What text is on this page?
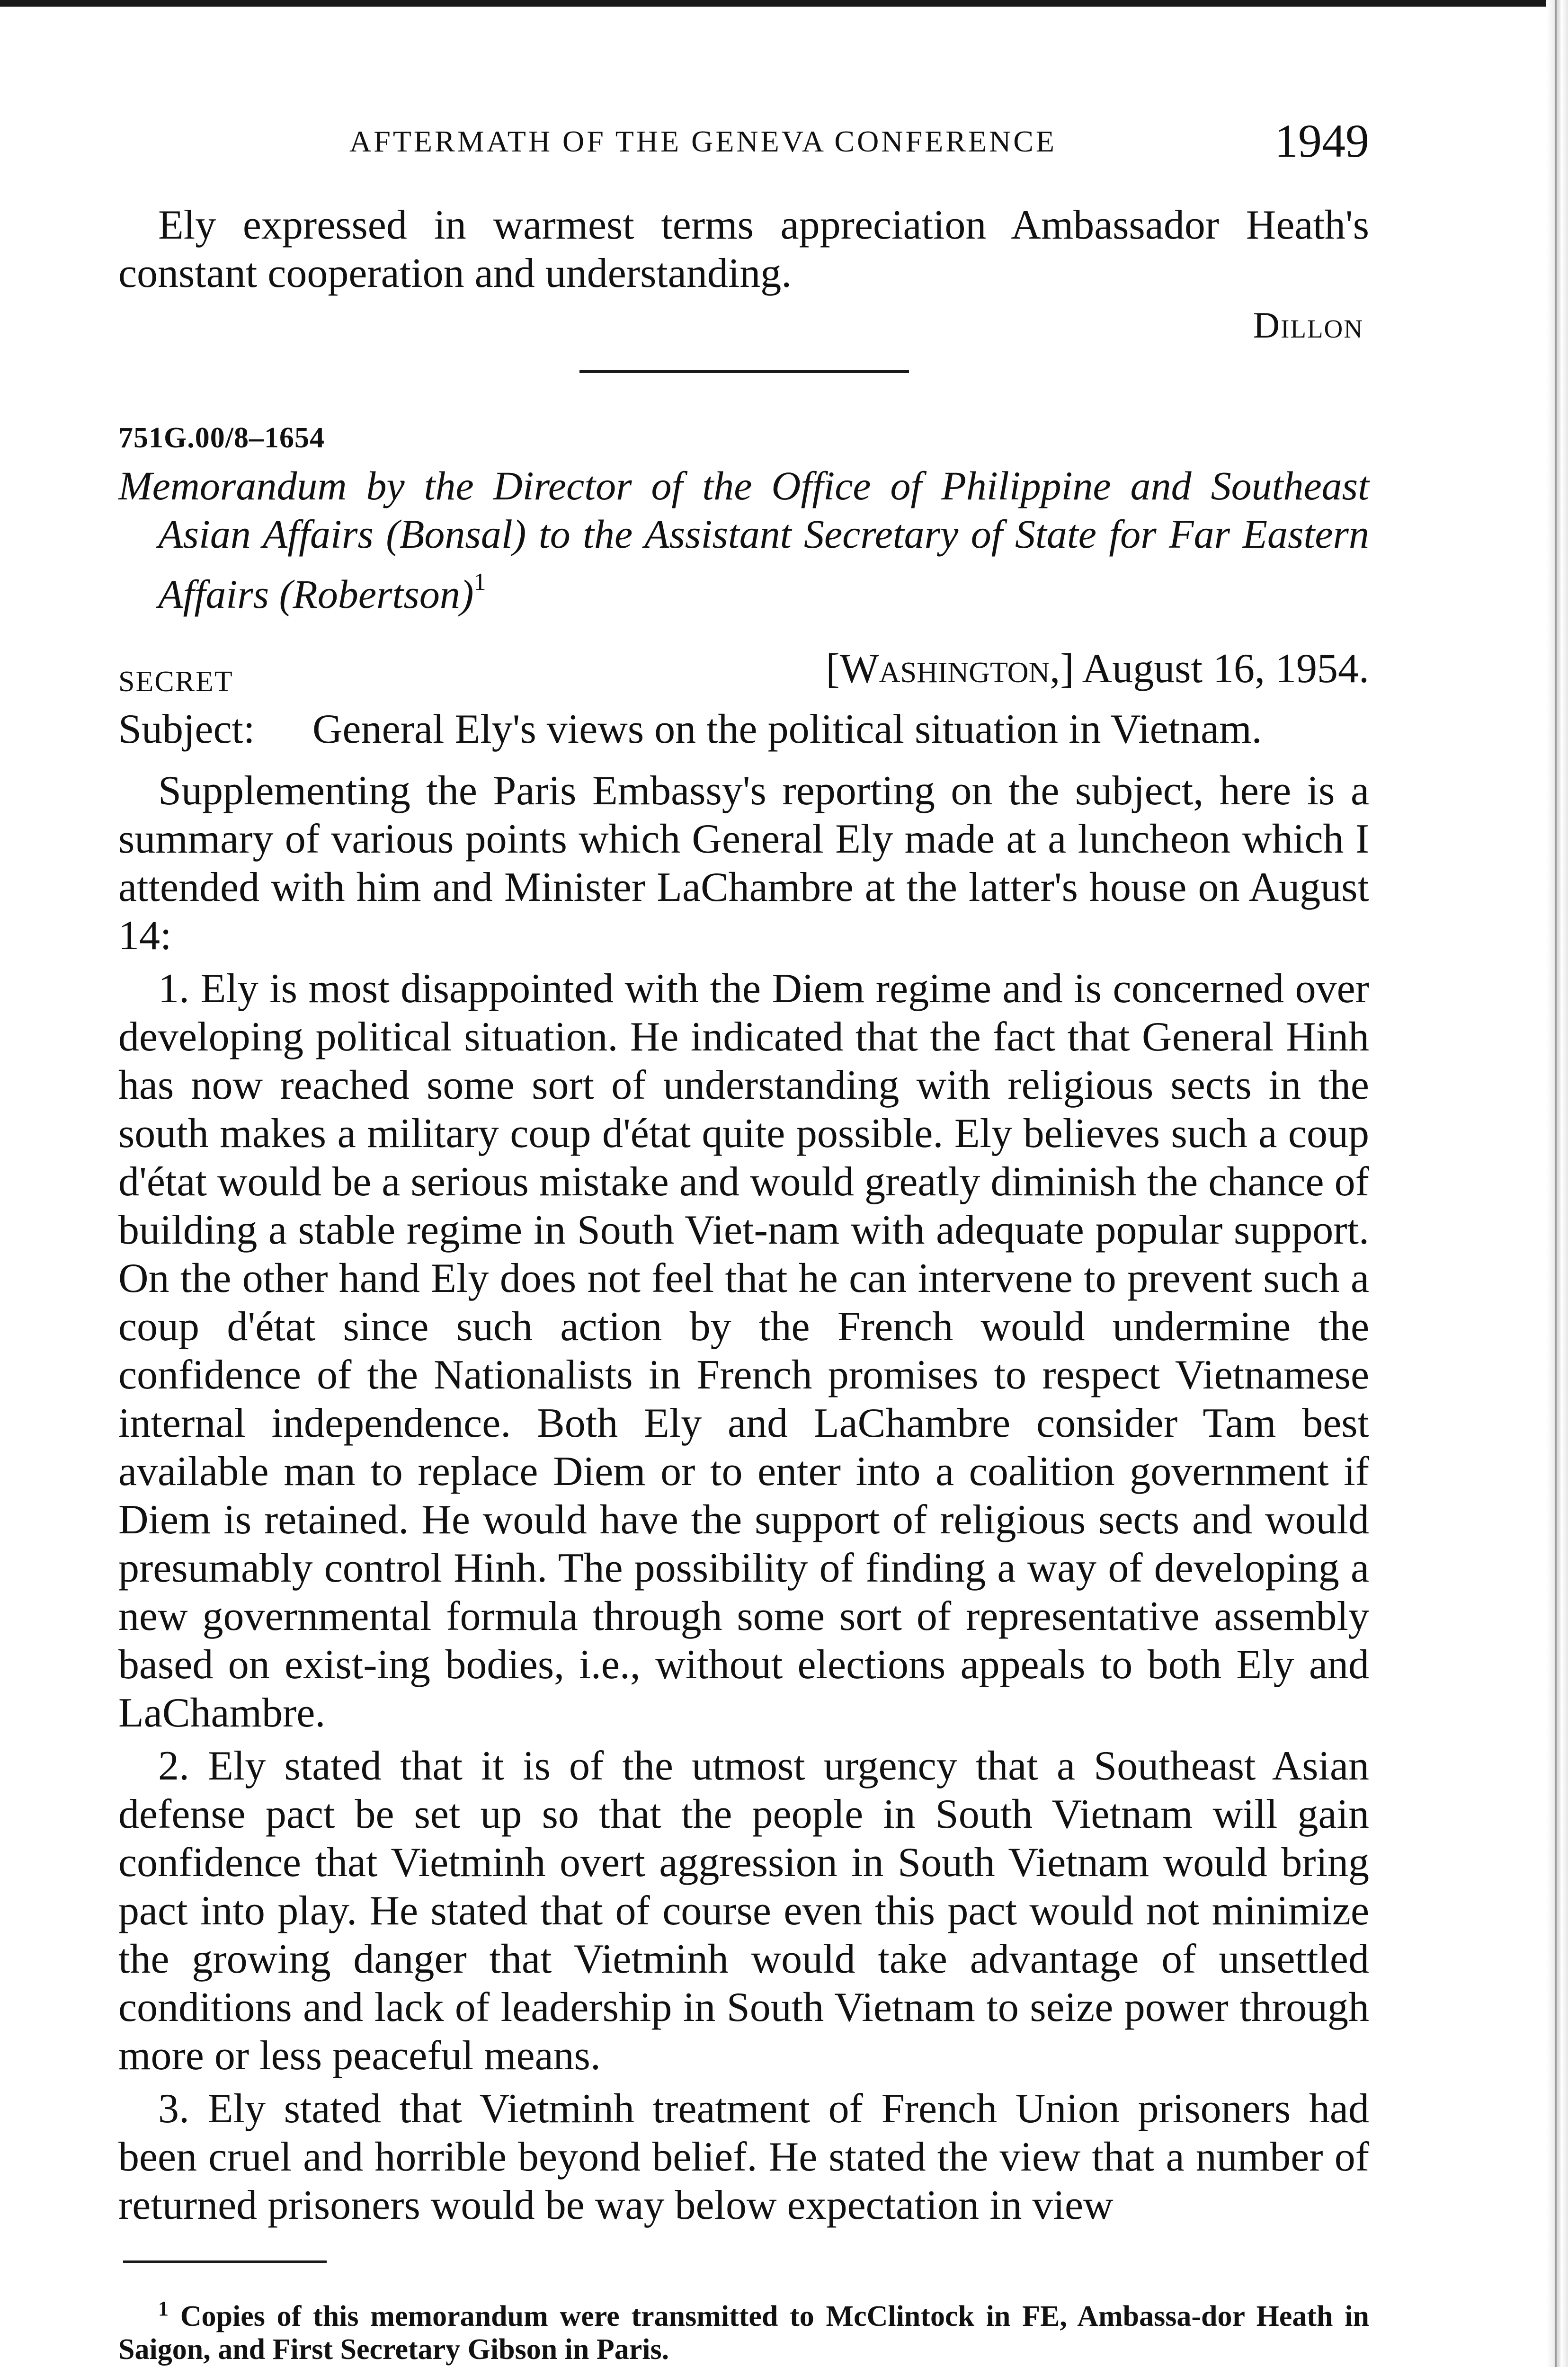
AFTERMATH OF THE GENEVA CONFERENCE	1949
Ely expressed in warmest terms appreciation Ambassador Heath's constant cooperation and understanding.
Dillon
751G.00/8–1654
Memorandum by the Director of the Office of Philippine and Southeast Asian Affairs (Bonsal) to the Assistant Secretary of State for Far Eastern Affairs (Robertson)$^1$
SECRET	[Washington,] August 16, 1954.
Subject: General Ely's views on the political situation in Vietnam.

Supplementing the Paris Embassy's reporting on the subject, here is a summary of various points which General Ely made at a luncheon which I attended with him and Minister LaChambre at the latter's house on August 14:

1. Ely is most disappointed with the Diem regime and is concerned over developing political situation. He indicated that the fact that General Hinh has now reached some sort of understanding with religious sects in the south makes a military coup d'état quite possible. Ely believes such a coup d'état would be a serious mistake and would greatly diminish the chance of building a stable regime in South Viet-nam with adequate popular support. On the other hand Ely does not feel that he can intervene to prevent such a coup d'état since such action by the French would undermine the confidence of the Nationalists in French promises to respect Vietnamese internal independence. Both Ely and LaChambre consider Tam best available man to replace Diem or to enter into a coalition government if Diem is retained. He would have the support of religious sects and would presumably control Hinh. The possibility of finding a way of developing a new governmental formula through some sort of representative assembly based on exist-ing bodies, i.e., without elections appeals to both Ely and LaChambre.

2. Ely stated that it is of the utmost urgency that a Southeast Asian defense pact be set up so that the people in South Vietnam will gain confidence that Vietminh overt aggression in South Vietnam would bring pact into play. He stated that of course even this pact would not minimize the growing danger that Vietminh would take advantage of unsettled conditions and lack of leadership in South Vietnam to seize power through more or less peaceful means.

3. Ely stated that Vietminh treatment of French Union prisoners had been cruel and horrible beyond belief. He stated the view that a number of returned prisoners would be way below expectation in view

$^1$ Copies of this memorandum were transmitted to McClintock in FE, Ambassa-dor Heath in Saigon, and First Secretary Gibson in Paris.
